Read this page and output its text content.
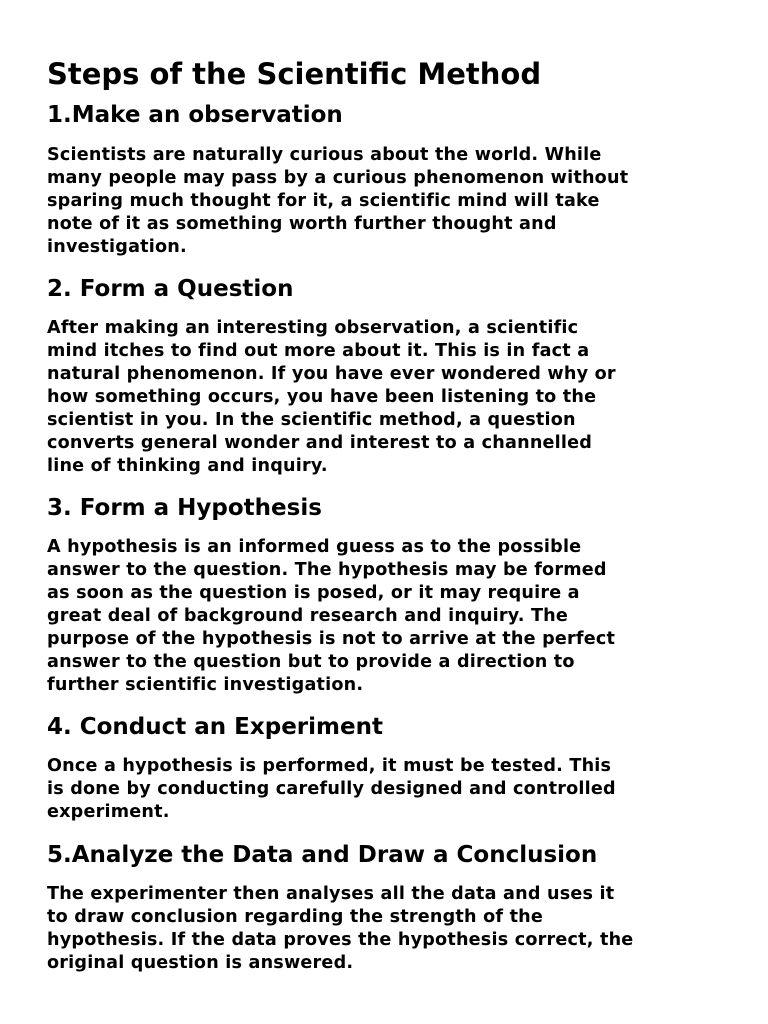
Steps of the Scientific Method
1.Make an observation

Scientists are naturally curious about the world. While
many people may pass by a curious phenomenon without
sparing much thought for it, a scientific mind will take
note of it as something worth further thought and
investigation.

2. Form a Question

After making an interesting observation, a scientific
mind itches to find out more about it. This is in fact a
natural phenomenon. If you have ever wondered why or
how something occurs, you have been listening to the
scientist in you. In the scientific method, a question
converts general wonder and interest to a channelled
line of thinking and inquiry.

3. Form a Hypothesis

A hypothesis is an informed guess as to the possible
answer to the question. The hypothesis may be formed
as soon as the question is posed, or it may require a
great deal of background research and inquiry. The
purpose of the hypothesis is not to arrive at the perfect
answer to the question but to provide a direction to
further scientific investigation.

4. Conduct an Experiment

Once a hypothesis is performed, it must be tested. This
is done by conducting carefully designed and controlled
experiment.

5.Analyze the Data and Draw a Conclusion

The experimenter then analyses all the data and uses it
to draw conclusion regarding the strength of the
hypothesis. If the data proves the hypothesis correct, the
original question is answered.
